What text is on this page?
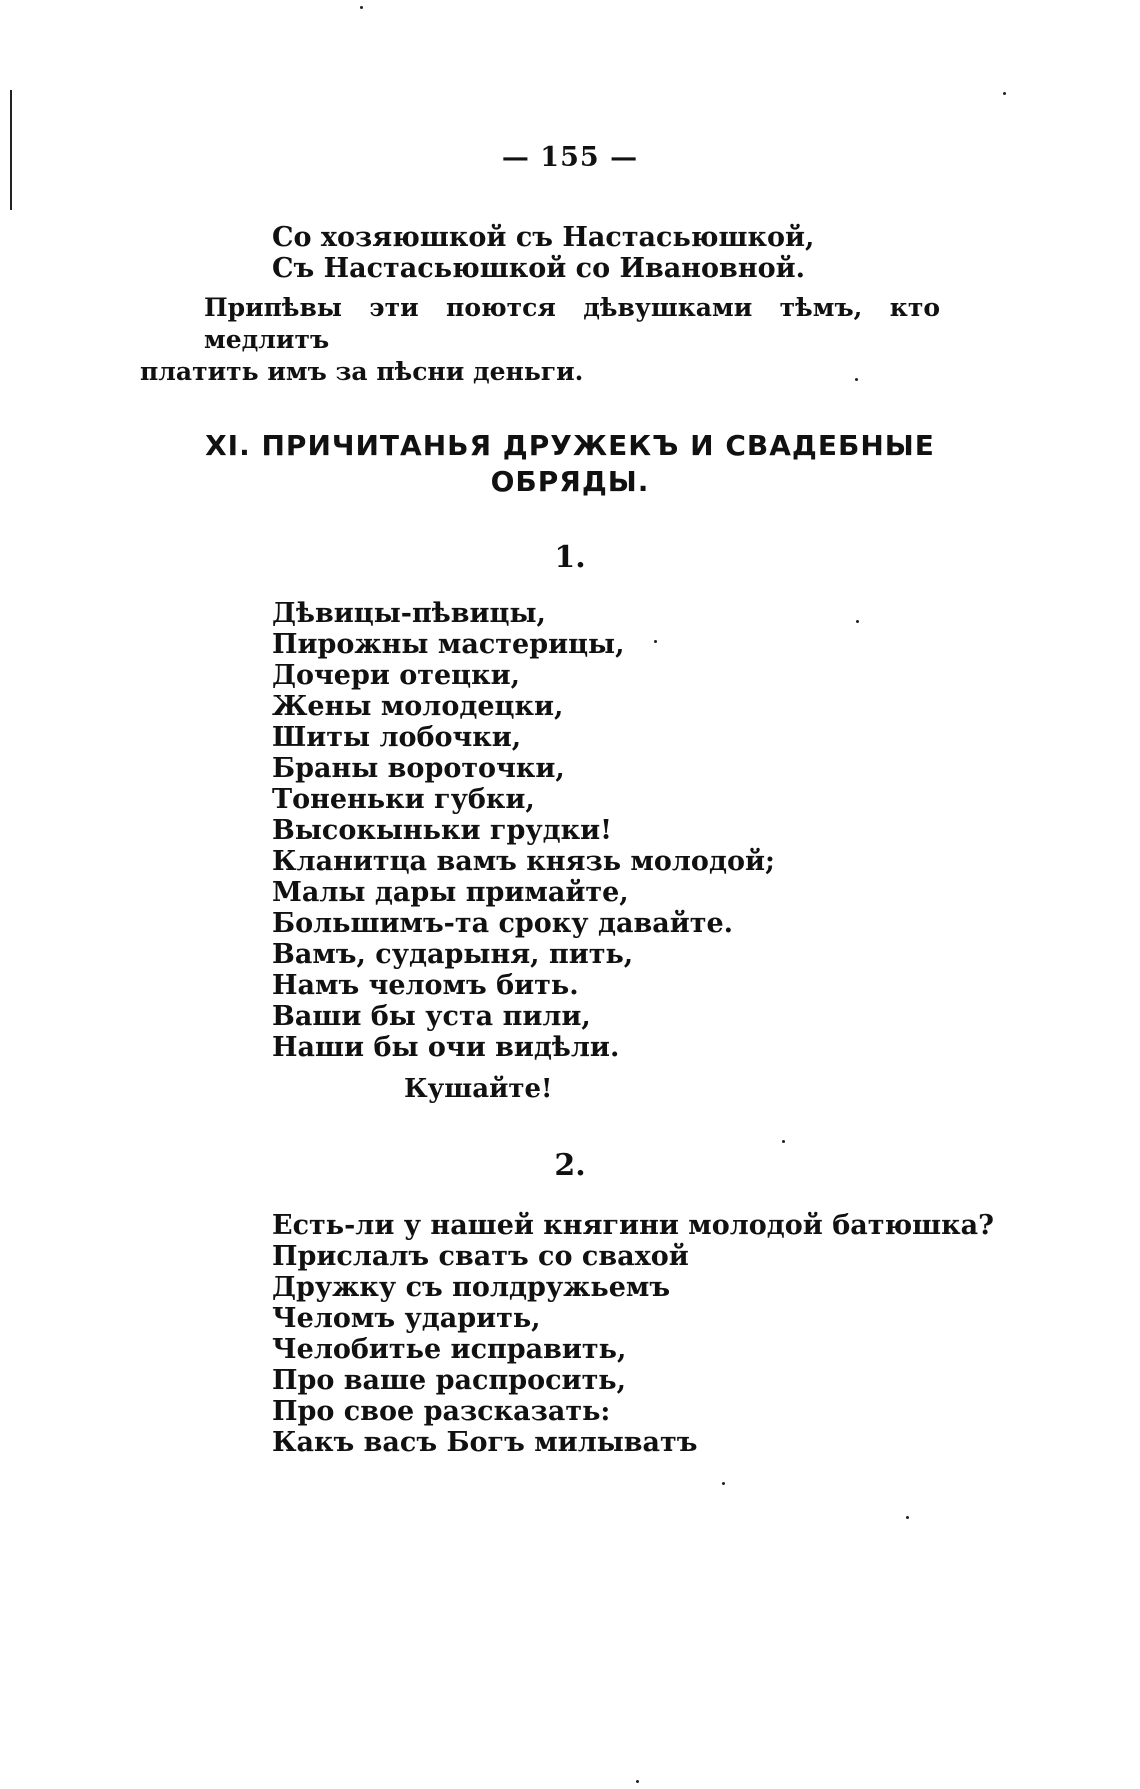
— 155 —
Со хозяюшкой съ Настасьюшкой,
Съ Настасьюшкой со Ивановной.
Припѣвы эти поются дѣвушками тѣмъ, кто медлитъ
платить имъ за пѣсни деньги.
XI. ПРИЧИТАНЬЯ ДРУЖЕКЪ И СВАДЕБНЫЕ
ОБРЯДЫ.
1.
Дѣвицы-пѣвицы,
Пирожны мастерицы,
Дочери отецки,
Жены молодецки,
Шиты лобочки,
Браны вороточки,
Тоненьки губки,
Высокыньки грудки!
Кланитца вамъ князь молодой;
Малы дары примайте,
Большимъ-та сроку давайте.
Вамъ, сударыня, пить,
Намъ челомъ бить.
Ваши бы уста пили,
Наши бы очи видѣли.
Кушайте!
2.
Есть-ли у нашей княгини молодой батюшка?
Прислалъ сватъ со свахой
Дружку съ полдружьемъ
Челомъ ударить,
Челобитье исправить,
Про ваше распросить,
Про свое разсказать:
Какъ васъ Богъ милыватъ
